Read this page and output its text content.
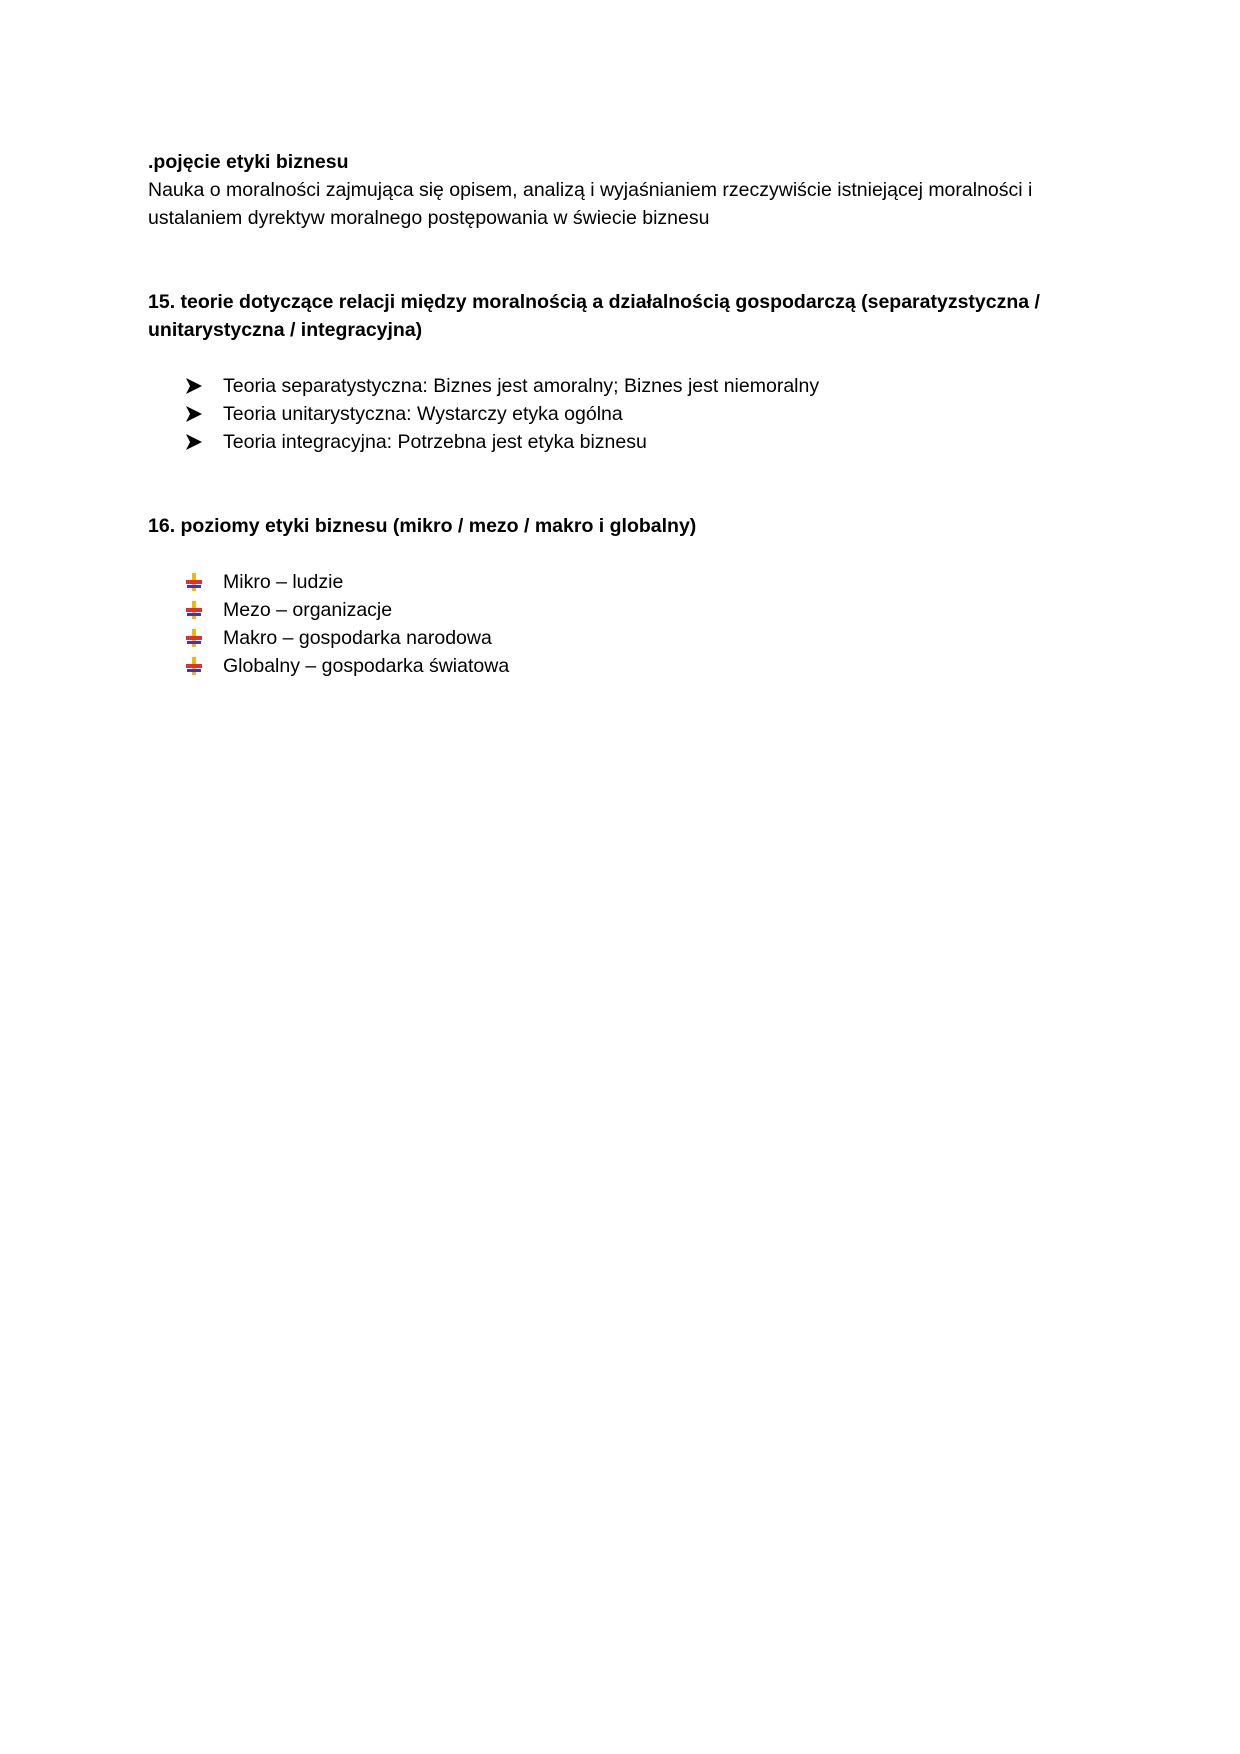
.pojęcie etyki biznesu
Nauka o moralności zajmująca się opisem, analizą i wyjaśnianiem rzeczywiście istniejącej moralności i
ustalaniem dyrektyw moralnego postępowania w świecie biznesu
15. teorie dotyczące relacji między moralnością a działalnością gospodarczą (separatyzstyczna /
unitarystyczna / integracyjna)
Teoria separatystyczna: Biznes jest amoralny; Biznes jest niemoralny
Teoria unitarystyczna: Wystarczy etyka ogólna
Teoria integracyjna: Potrzebna jest etyka biznesu
16. poziomy etyki biznesu (mikro / mezo / makro i globalny)
Mikro – ludzie
Mezo – organizacje
Makro – gospodarka narodowa
Globalny – gospodarka światowa
